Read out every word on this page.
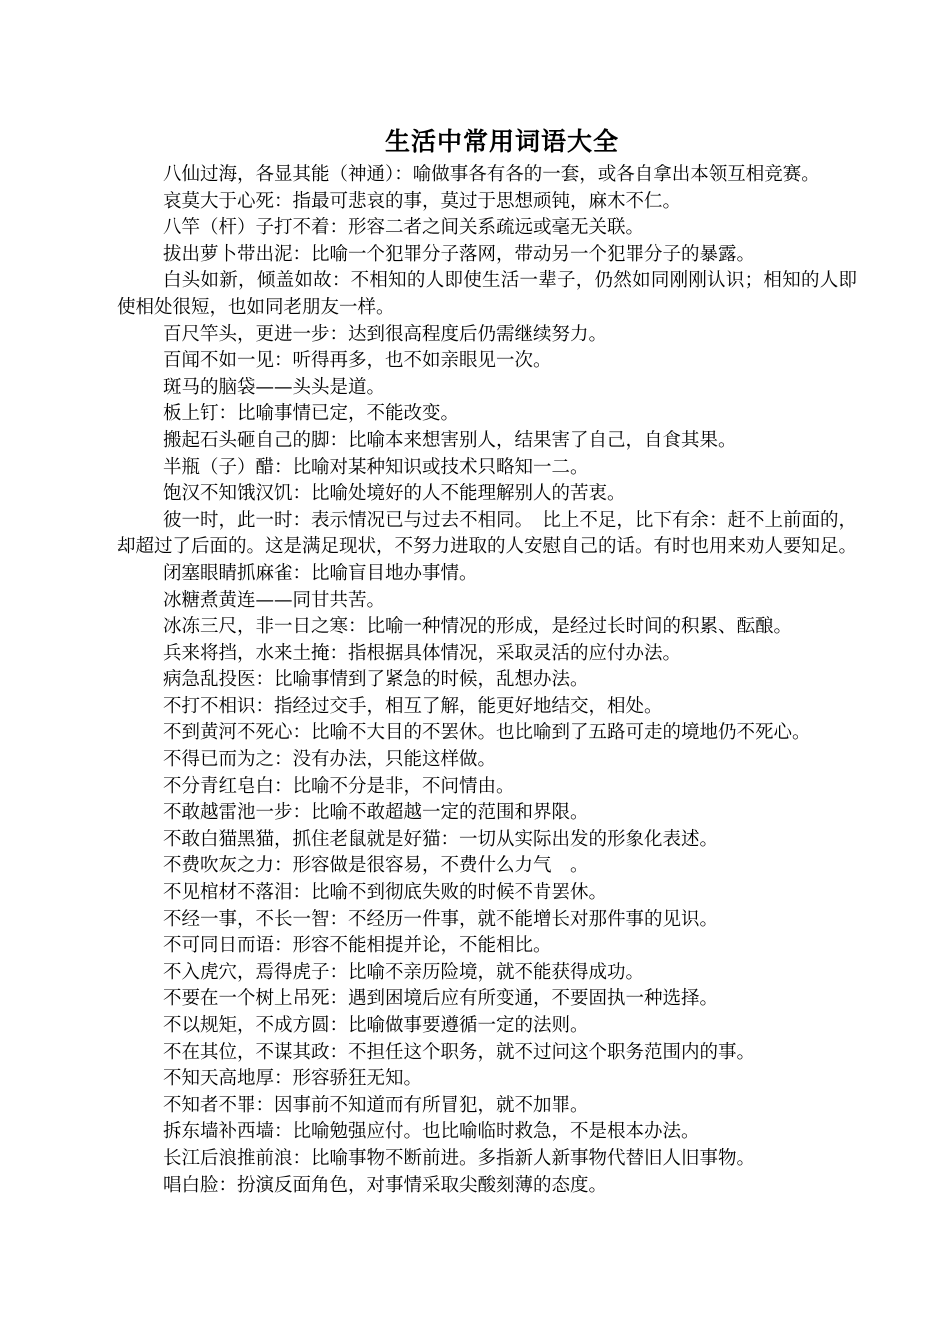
生活中常用词语大全

八仙过海，各显其能（神通）：喻做事各有各的一套，或各自拿出本领互相竞赛。

哀莫大于心死：指最可悲哀的事，莫过于思想顽钝，麻木不仁。

八竿（杆）子打不着：形容二者之间关系疏远或毫无关联。

拔出萝卜带出泥：比喻一个犯罪分子落网，带动另一个犯罪分子的暴露。

白头如新，倾盖如故：不相知的人即使生活一辈子，仍然如同刚刚认识；相知的人即使相处很短，也如同老朋友一样。

百尺竿头，更进一步：达到很高程度后仍需继续努力。

百闻不如一见：听得再多，也不如亲眼见一次。

斑马的脑袋——头头是道。

板上钉：比喻事情已定，不能改变。

搬起石头砸自己的脚：比喻本来想害别人，结果害了自己，自食其果。

半瓶（子）醋：比喻对某种知识或技术只略知一二。

饱汉不知饿汉饥：比喻处境好的人不能理解别人的苦衷。

彼一时，此一时：表示情况已与过去不相同。　比上不足，比下有余：赶不上前面的，却超过了后面的。这是满足现状，不努力进取的人安慰自己的话。有时也用来劝人要知足。

闭塞眼睛抓麻雀：比喻盲目地办事情。

冰糖煮黄连——同甘共苦。

冰冻三尺，非一日之寒：比喻一种情况的形成，是经过长时间的积累、酝酿。

兵来将挡，水来土掩：指根据具体情况，采取灵活的应付办法。

病急乱投医：比喻事情到了紧急的时候，乱想办法。

不打不相识：指经过交手，相互了解，能更好地结交，相处。

不到黄河不死心：比喻不大目的不罢休。也比喻到了五路可走的境地仍不死心。

不得已而为之：没有办法，只能这样做。

不分青红皂白：比喻不分是非，不问情由。

不敢越雷池一步：比喻不敢超越一定的范围和界限。

不敢白猫黑猫，抓住老鼠就是好猫：一切从实际出发的形象化表述。

不费吹灰之力：形容做是很容易，不费什么力气　。

不见棺材不落泪：比喻不到彻底失败的时候不肯罢休。

不经一事，不长一智：不经历一件事，就不能增长对那件事的见识。

不可同日而语：形容不能相提并论，不能相比。

不入虎穴，焉得虎子：比喻不亲历险境，就不能获得成功。

不要在一个树上吊死：遇到困境后应有所变通，不要固执一种选择。

不以规矩，不成方圆：比喻做事要遵循一定的法则。

不在其位，不谋其政：不担任这个职务，就不过问这个职务范围内的事。

不知天高地厚：形容骄狂无知。

不知者不罪：因事前不知道而有所冒犯，就不加罪。

拆东墙补西墙：比喻勉强应付。也比喻临时救急，不是根本办法。

长江后浪推前浪：比喻事物不断前进。多指新人新事物代替旧人旧事物。

唱白脸：扮演反面角色，对事情采取尖酸刻薄的态度。
